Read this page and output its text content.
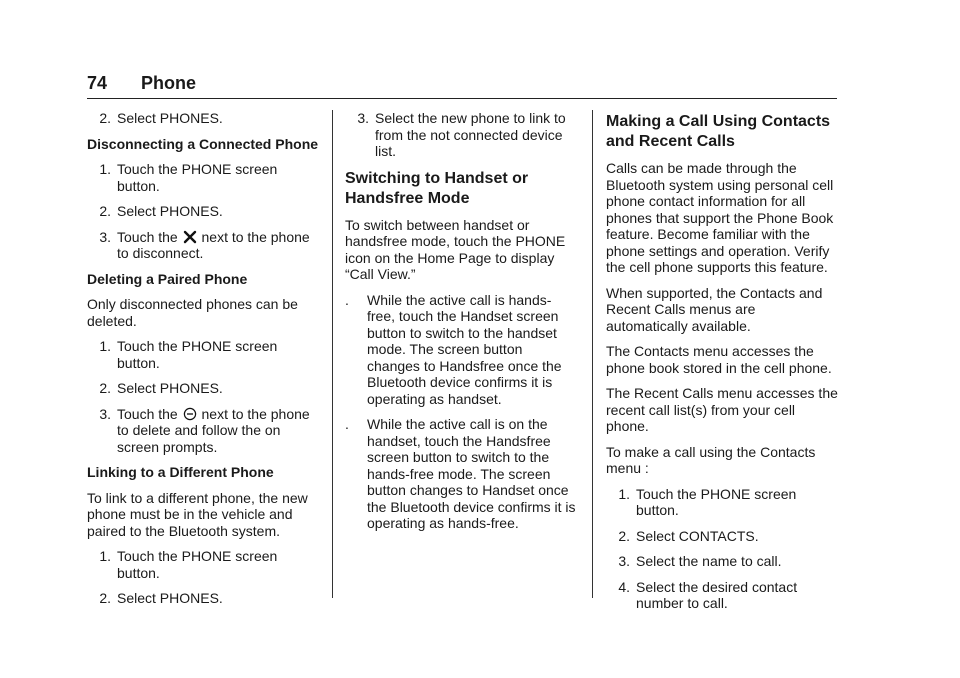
74 Phone
2. Select PHONES.
Disconnecting a Connected Phone
1. Touch the PHONE screen button.
2. Select PHONES.
3. Touch the next to the phone to disconnect.
Deleting a Paired Phone

Only disconnected phones can be deleted.

1. Touch the PHONE screen button.
2. Select PHONES.
3. Touch the next to the phone to delete and follow the on screen prompts.
Linking to a Different Phone

To link to a different phone, the new phone must be in the vehicle and paired to the Bluetooth system.

1. Touch the PHONE screen button.
2. Select PHONES.
3. Select the new phone to link to from the not connected device list.
Switching to Handset or Handsfree Mode

To switch between handset or handsfree mode, touch the PHONE icon on the Home Page to display “Call View.”

.	While the active call is hands-free, touch the Handset screen button to switch to the handset mode. The screen button changes to Handsfree once the Bluetooth device confirms it is operating as handset.
.	While the active call is on the handset, touch the Handsfree screen button to switch to the hands-free mode. The screen button changes to Handset once the Bluetooth device confirms it is operating as hands-free.
Making a Call Using Contacts and Recent Calls

Calls can be made through the Bluetooth system using personal cell phone contact information for all phones that support the Phone Book feature. Become familiar with the phone settings and operation. Verify the cell phone supports this feature.

When supported, the Contacts and Recent Calls menus are automatically available.

The Contacts menu accesses the phone book stored in the cell phone.

The Recent Calls menu accesses the recent call list(s) from your cell phone.

To make a call using the Contacts menu :

1. Touch the PHONE screen button.
2. Select CONTACTS.
3. Select the name to call.
4. Select the desired contact number to call.
